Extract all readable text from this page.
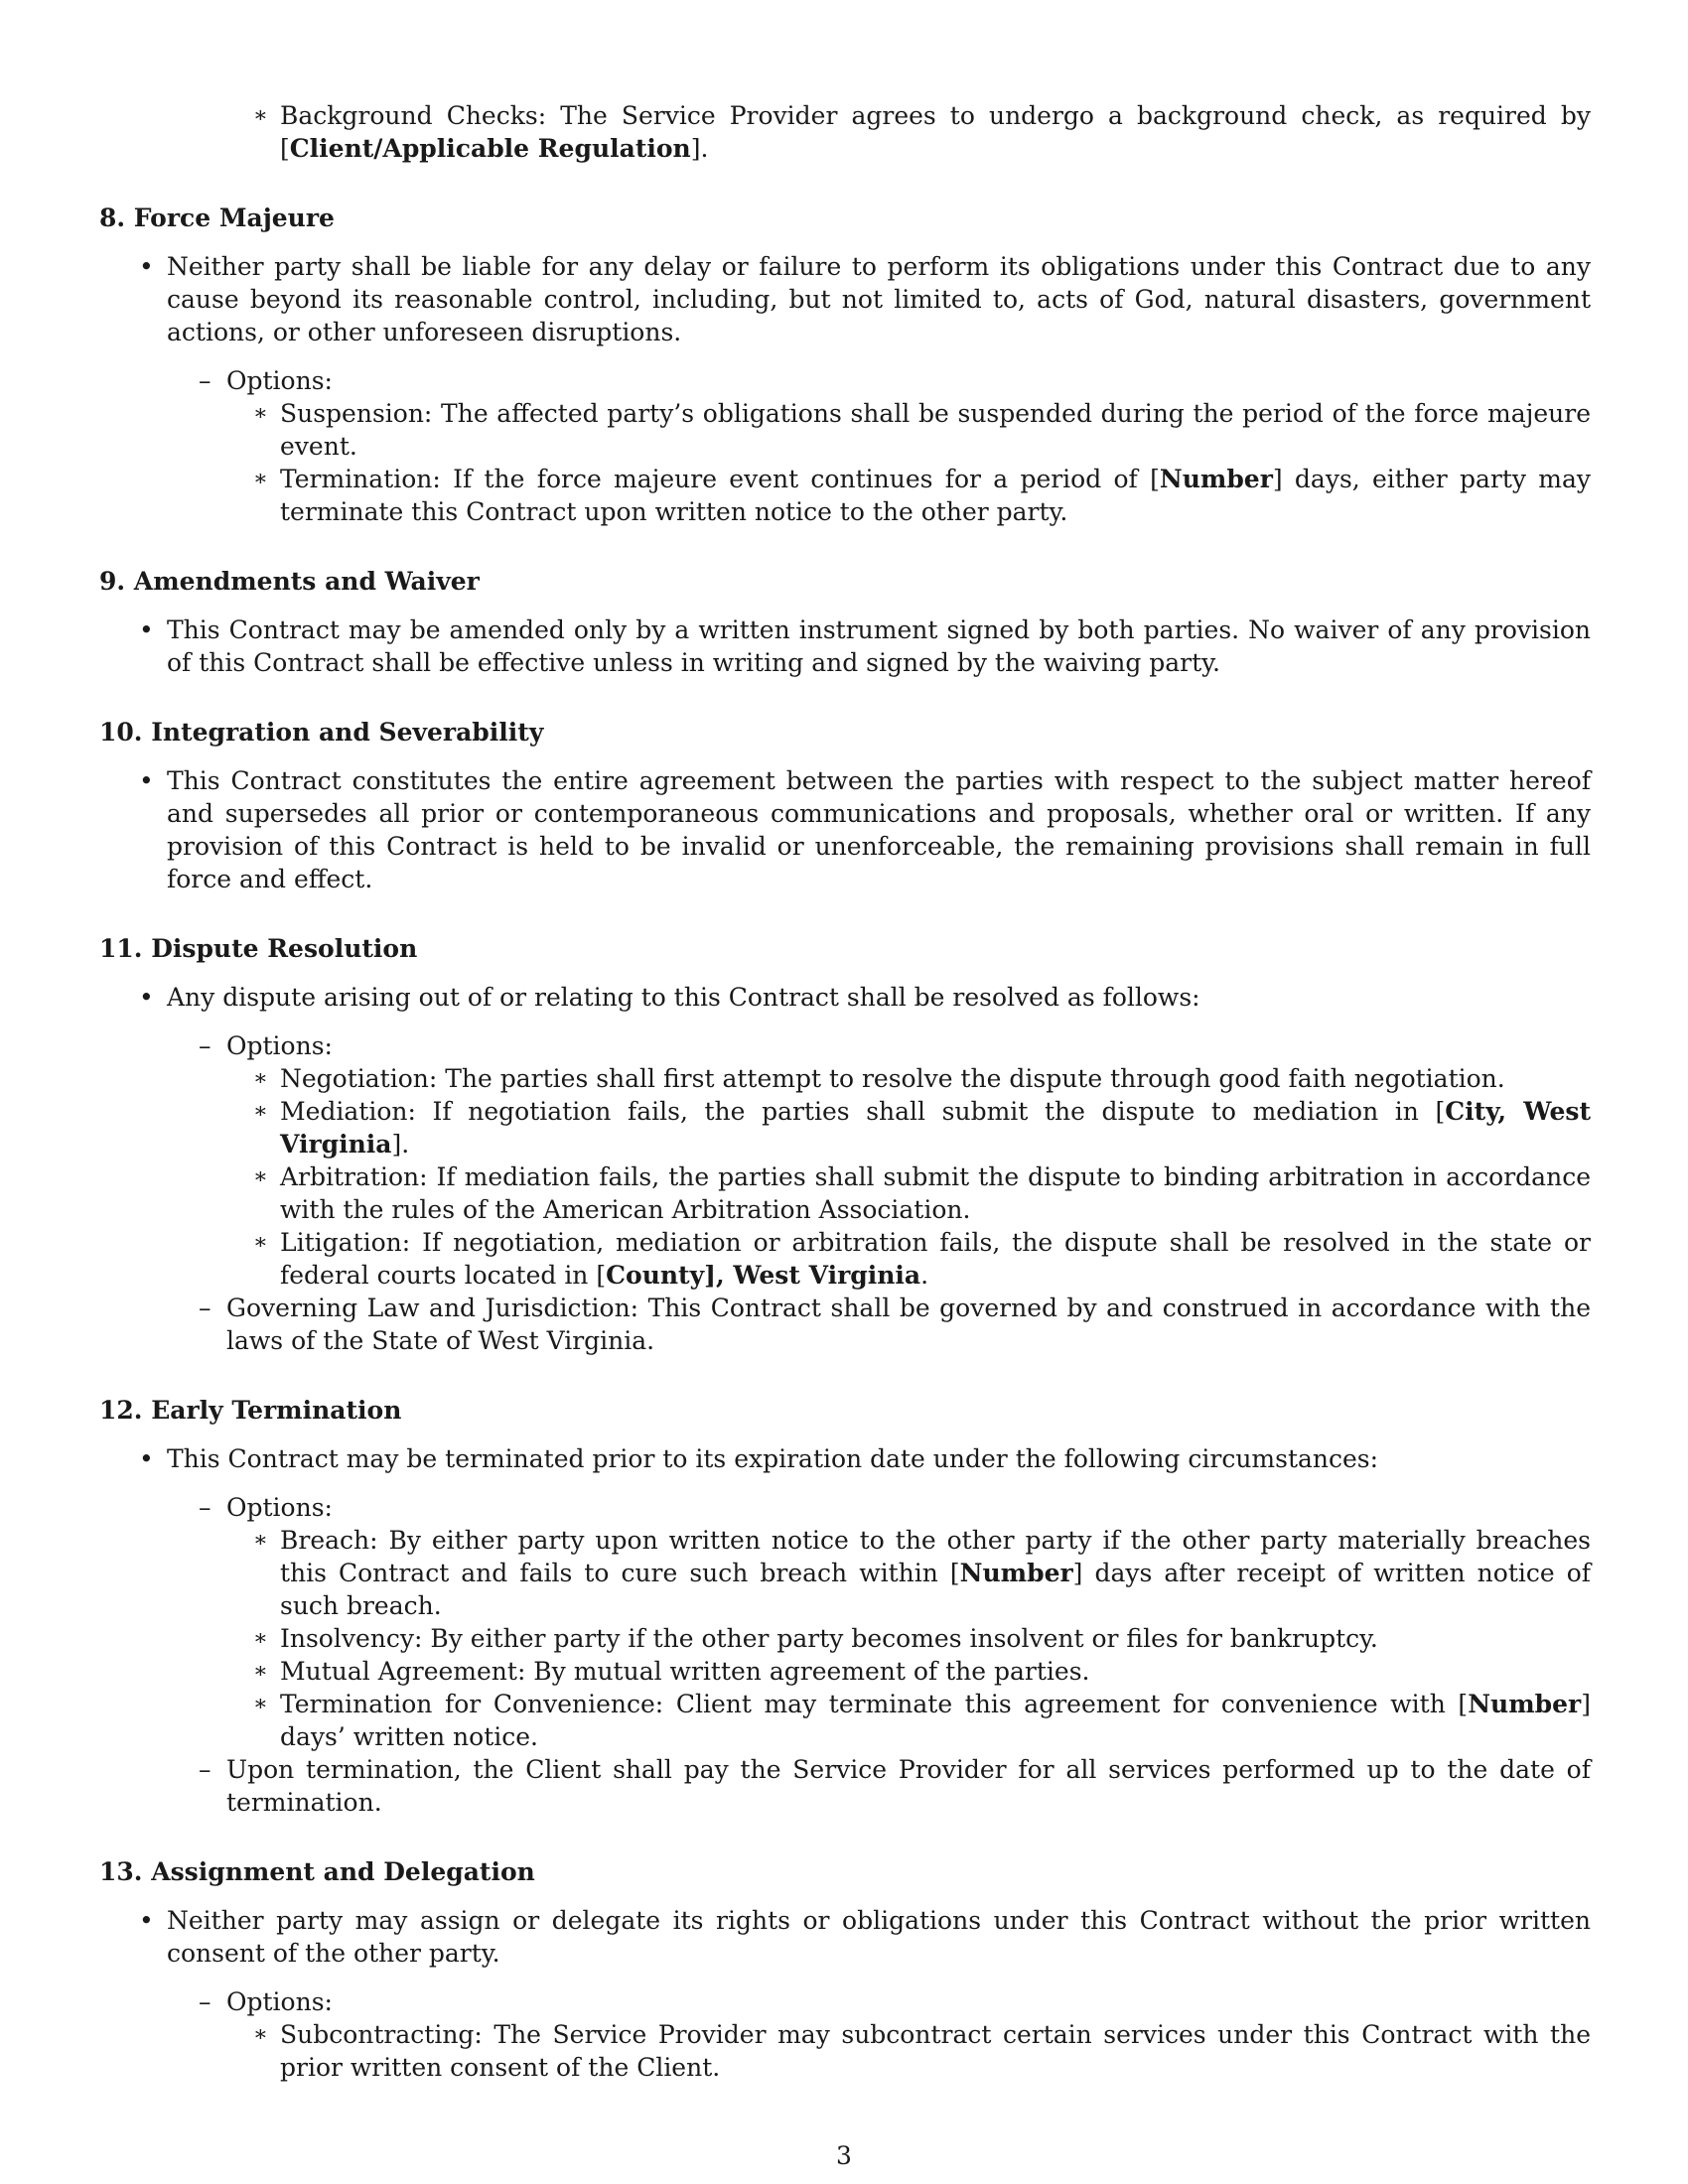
∗ Background Checks: The Service Provider agrees to undergo a background check, as required by [Client/Applicable Regulation].
8. Force Majeure
• Neither party shall be liable for any delay or failure to perform its obligations under this Contract due to any cause beyond its reasonable control, including, but not limited to, acts of God, natural disasters, government actions, or other unforeseen disruptions.
– Options:
∗ Suspension: The affected party’s obligations shall be suspended during the period of the force majeure event.
∗ Termination: If the force majeure event continues for a period of [Number] days, either party may terminate this Contract upon written notice to the other party.
9. Amendments and Waiver
• This Contract may be amended only by a written instrument signed by both parties. No waiver of any provision of this Contract shall be effective unless in writing and signed by the waiving party.
10. Integration and Severability
• This Contract constitutes the entire agreement between the parties with respect to the subject matter hereof and supersedes all prior or contemporaneous communications and proposals, whether oral or written. If any provision of this Contract is held to be invalid or unenforceable, the remaining provisions shall remain in full force and effect.
11. Dispute Resolution
• Any dispute arising out of or relating to this Contract shall be resolved as follows:
– Options:
∗ Negotiation: The parties shall first attempt to resolve the dispute through good faith negotiation.
∗ Mediation: If negotiation fails, the parties shall submit the dispute to mediation in [City, West Virginia].
∗ Arbitration: If mediation fails, the parties shall submit the dispute to binding arbitration in accordance with the rules of the American Arbitration Association.
∗ Litigation: If negotiation, mediation or arbitration fails, the dispute shall be resolved in the state or federal courts located in [County], West Virginia.
– Governing Law and Jurisdiction: This Contract shall be governed by and construed in accordance with the laws of the State of West Virginia.
12. Early Termination
• This Contract may be terminated prior to its expiration date under the following circumstances:
– Options:
∗ Breach: By either party upon written notice to the other party if the other party materially breaches this Contract and fails to cure such breach within [Number] days after receipt of written notice of such breach.
∗ Insolvency: By either party if the other party becomes insolvent or files for bankruptcy.
∗ Mutual Agreement: By mutual written agreement of the parties.
∗ Termination for Convenience: Client may terminate this agreement for convenience with [Number] days’ written notice.
– Upon termination, the Client shall pay the Service Provider for all services performed up to the date of termination.
13. Assignment and Delegation
• Neither party may assign or delegate its rights or obligations under this Contract without the prior written consent of the other party.
– Options:
∗ Subcontracting: The Service Provider may subcontract certain services under this Contract with the prior written consent of the Client.
3
